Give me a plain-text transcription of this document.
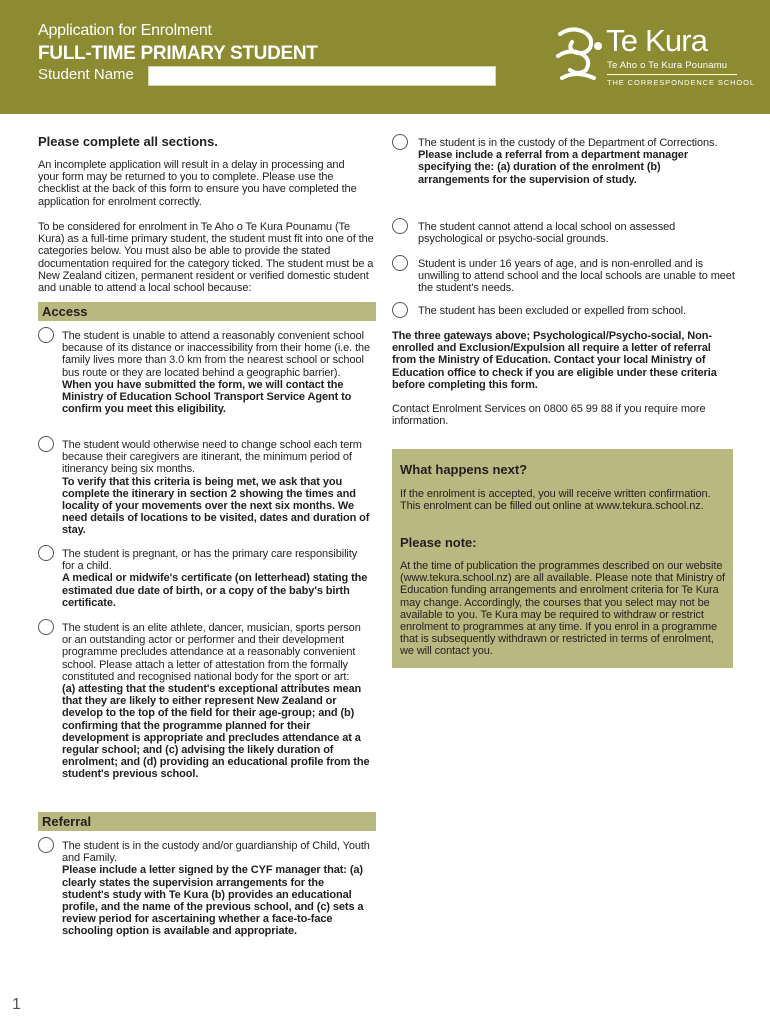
Application for Enrolment
FULL-TIME PRIMARY STUDENT
Student Name
Te Kura
Te Aho o Te Kura Pounamu
THE CORRESPONDENCE SCHOOL
Please complete all sections.
An incomplete application will result in a delay in processing and your form may be returned to you to complete. Please use the checklist at the back of this form to ensure you have completed the application for enrolment correctly.
To be considered for enrolment in Te Aho o Te Kura Pounamu (Te Kura) as a full-time primary student, the student must fit into one of the categories below. You must also be able to provide the stated documentation required for the category ticked. The student must be a New Zealand citizen, permanent resident or verified domestic student and unable to attend a local school because:
Access
The student is unable to attend a reasonably convenient school because of its distance or inaccessibility from their home (i.e. the family lives more than 3.0 km from the nearest school or school bus route or they are located behind a geographic barrier).
When you have submitted the form, we will contact the Ministry of Education School Transport Service Agent to confirm you meet this eligibility.
The student would otherwise need to change school each term because their caregivers are itinerant, the minimum period of itinerancy being six months.
To verify that this criteria is being met, we ask that you complete the itinerary in section 2 showing the times and locality of your movements over the next six months. We need details of locations to be visited, dates and duration of stay.
The student is pregnant, or has the primary care responsibility for a child.
A medical or midwife's certificate (on letterhead) stating the estimated due date of birth, or a copy of the baby's birth certificate.
The student is an elite athlete, dancer, musician, sports person or an outstanding actor or performer and their development programme precludes attendance at a reasonably convenient school. Please attach a letter of attestation from the formally constituted and recognised national body for the sport or art:
(a) attesting that the student's exceptional attributes mean that they are likely to either represent New Zealand or develop to the top of the field for their age-group; and (b) confirming that the programme planned for their development is appropriate and precludes attendance at a regular school; and (c) advising the likely duration of enrolment; and (d) providing an educational profile from the student's previous school.
Referral
The student is in the custody and/or guardianship of Child, Youth and Family.
Please include a letter signed by the CYF manager that: (a) clearly states the supervision arrangements for the student's study with Te Kura (b) provides an educational profile, and the name of the previous school, and (c) sets a review period for ascertaining whether a face-to-face schooling option is available and appropriate.
The student is in the custody of the Department of Corrections.
Please include a referral from a department manager specifying the: (a) duration of the enrolment (b) arrangements for the supervision of study.
The student cannot attend a local school on assessed psychological or psycho-social grounds.
Student is under 16 years of age, and is non-enrolled and is unwilling to attend school and the local schools are unable to meet the student's needs.
The student has been excluded or expelled from school.
The three gateways above; Psychological/Psycho-social, Non-enrolled and Exclusion/Expulsion all require a letter of referral from the Ministry of Education. Contact your local Ministry of Education office to check if you are eligible under these criteria before completing this form.
Contact Enrolment Services on 0800 65 99 88 if you require more information.
What happens next?
If the enrolment is accepted, you will receive written confirmation. This enrolment can be filled out online at www.tekura.school.nz.
Please note:
At the time of publication the programmes described on our website (www.tekura.school.nz) are all available. Please note that Ministry of Education funding arrangements and enrolment criteria for Te Kura may change. Accordingly, the courses that you select may not be available to you. Te Kura may be required to withdraw or restrict enrolment to programmes at any time. If you enrol in a programme that is subsequently withdrawn or restricted in terms of enrolment, we will contact you.
1
